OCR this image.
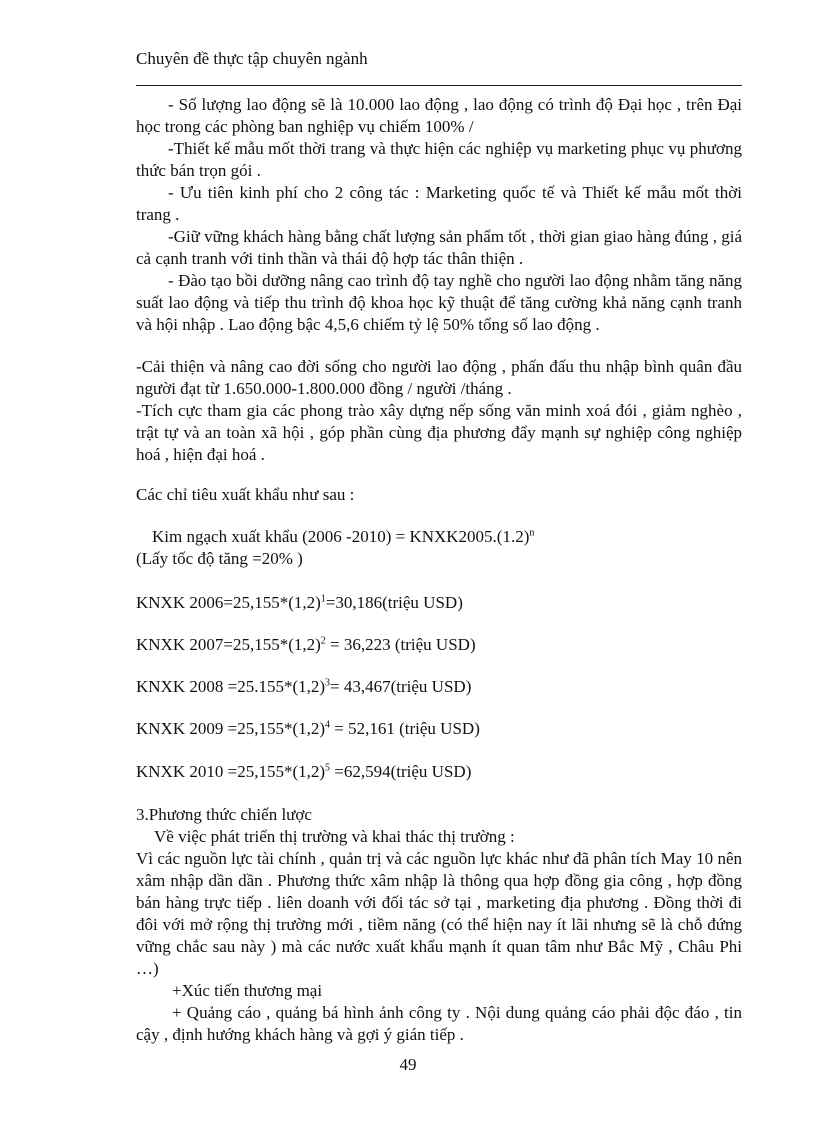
Chuyên đề thực tập chuyên ngành

- Số lượng lao động sẽ là 10.000 lao động , lao động có trình độ Đại học , trên Đại học trong các phòng ban nghiệp vụ chiếm 100% /

-Thiết kế mẫu mốt thời trang và thực hiện các nghiệp vụ marketing phục vụ phương thức bán trọn gói .

- Ưu tiên kinh phí cho 2 công tác : Marketing quốc tế và Thiết kế mẫu mốt thời trang .

-Giữ vững khách hàng bằng chất lượng sản phẩm tốt , thời gian giao hàng đúng , giá cả cạnh tranh với tinh thần và thái độ hợp tác thân thiện .

- Đào tạo bồi dưỡng nâng cao trình độ tay nghề cho người lao động nhằm tăng năng suất lao động và tiếp thu trình độ khoa học kỹ thuật để tăng cường khả năng cạnh tranh và hội nhập . Lao động bậc 4,5,6 chiếm tỷ lệ 50% tổng số lao động .

-Cải thiện và nâng cao đời sống cho người lao động , phấn đấu thu nhập bình quân đầu người đạt từ 1.650.000-1.800.000 đồng / người /tháng .

-Tích cực tham gia các phong trào xây dựng nếp sống văn minh xoá đói , giảm nghèo , trật tự và an toàn xã hội , góp phần cùng địa phương đẩy mạnh sự nghiệp công nghiệp hoá , hiện đại hoá .

Các chỉ tiêu xuất khẩu như sau :

Kim ngạch xuất khẩu (2006 $-2010) = KNXK2005.(1.2)^n$

(Lấy tốc độ tăng =20% )

KNXK $2006=25,155*(1,2)^1=30,186(triệu$ USD)

KNXK $2007=25,155*(1,2)^2 = 36,223$ (triệu USD)

KNXK $2008 =25.155*(1,2)^3=$ 43,467(triệu USD)

KNXK $2009 =25,155*(1,2)^4 = 52,161$ (triệu USD)

KNXK $2010 =25,155*(1,2)^5$ =62,594(triệu USD)

3.Phương thức chiến lược

Về việc phát triển thị trường và khai thác thị trường :

Vì các nguồn lực tài chính , quản trị và các nguồn lực khác như đã phân tích May 10 nên xâm nhập dần dần . Phương thức xâm nhập là thông qua hợp đồng gia công , hợp đồng bán hàng trực tiếp . liên doanh với đối tác sở tại , marketing địa phương . Đồng thời đi đôi với mở rộng thị trường mới , tiềm năng (có thể hiện nay ít lãi nhưng sẽ là chỗ đứng vững chắc sau này ) mà các nước xuất khẩu mạnh ít quan tâm như Bắc Mỹ , Châu Phi …)

+Xúc tiến thương mại

+ Quảng cáo , quảng bá hình ảnh công ty . Nội dung quảng cáo phải độc đáo , tin cậy , định hướng khách hàng và gợi ý gián tiếp .

49
